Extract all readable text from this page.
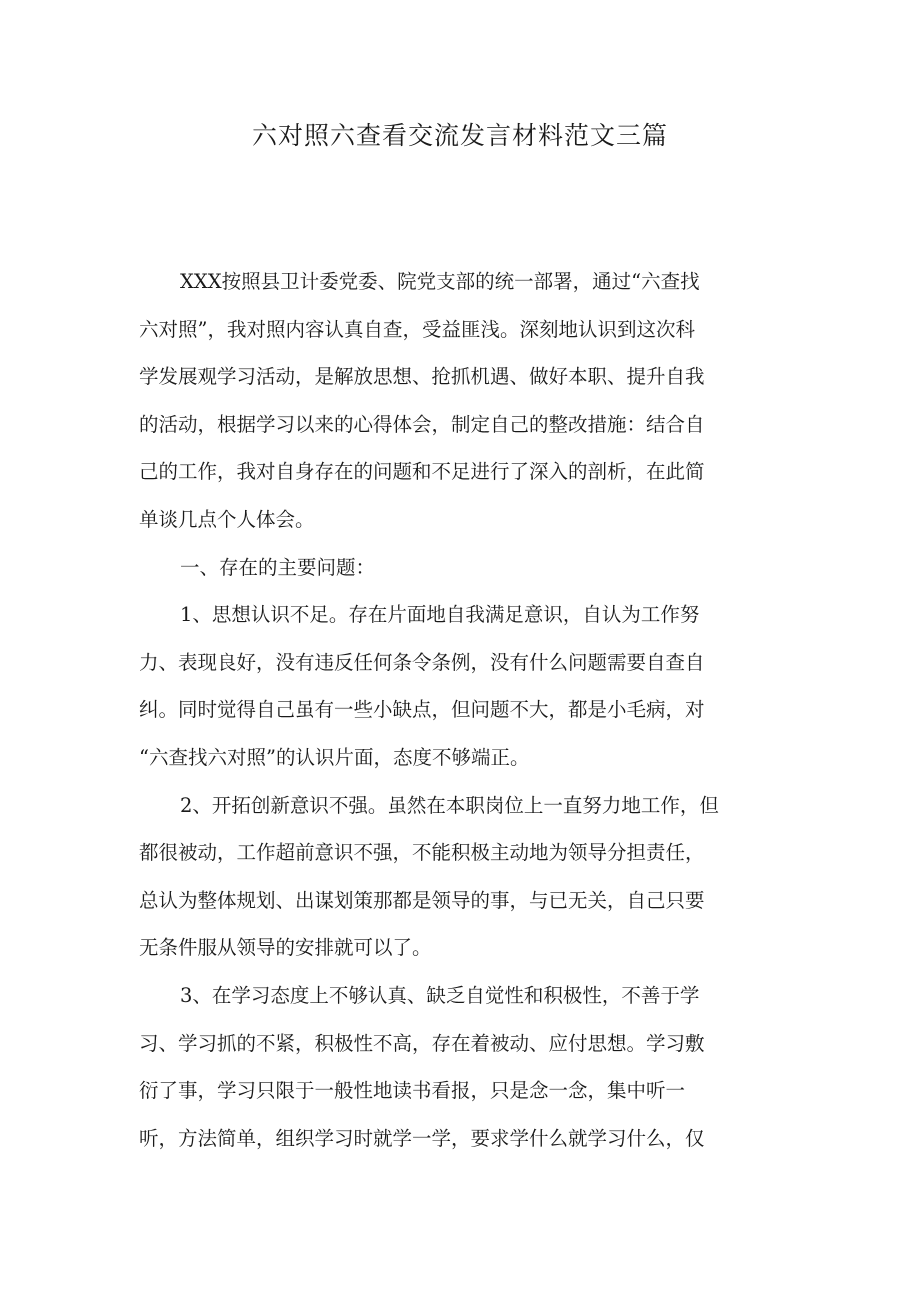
六对照六查看交流发言材料范文三篇
XXX按照县卫计委党委、院党支部的统一部署，通过“六查找
六对照”，我对照内容认真自查，受益匪浅。深刻地认识到这次科
学发展观学习活动，是解放思想、抢抓机遇、做好本职、提升自我
的活动，根据学习以来的心得体会，制定自己的整改措施：结合自
己的工作，我对自身存在的问题和不足进行了深入的剖析，在此简
单谈几点个人体会。
一、存在的主要问题：
1、思想认识不足。存在片面地自我满足意识，自认为工作努
力、表现良好，没有违反任何条令条例，没有什么问题需要自查自
纠。同时觉得自己虽有一些小缺点，但问题不大，都是小毛病，对
“六查找六对照”的认识片面，态度不够端正。
2、开拓创新意识不强。虽然在本职岗位上一直努力地工作，但
都很被动，工作超前意识不强，不能积极主动地为领导分担责任，
总认为整体规划、出谋划策那都是领导的事，与已无关，自己只要
无条件服从领导的安排就可以了。
3、在学习态度上不够认真、缺乏自觉性和积极性，不善于学
习、学习抓的不紧，积极性不高，存在着被动、应付思想。学习敷
衍了事，学习只限于一般性地读书看报，只是念一念，集中听一
听，方法简单，组织学习时就学一学，要求学什么就学习什么，仅
